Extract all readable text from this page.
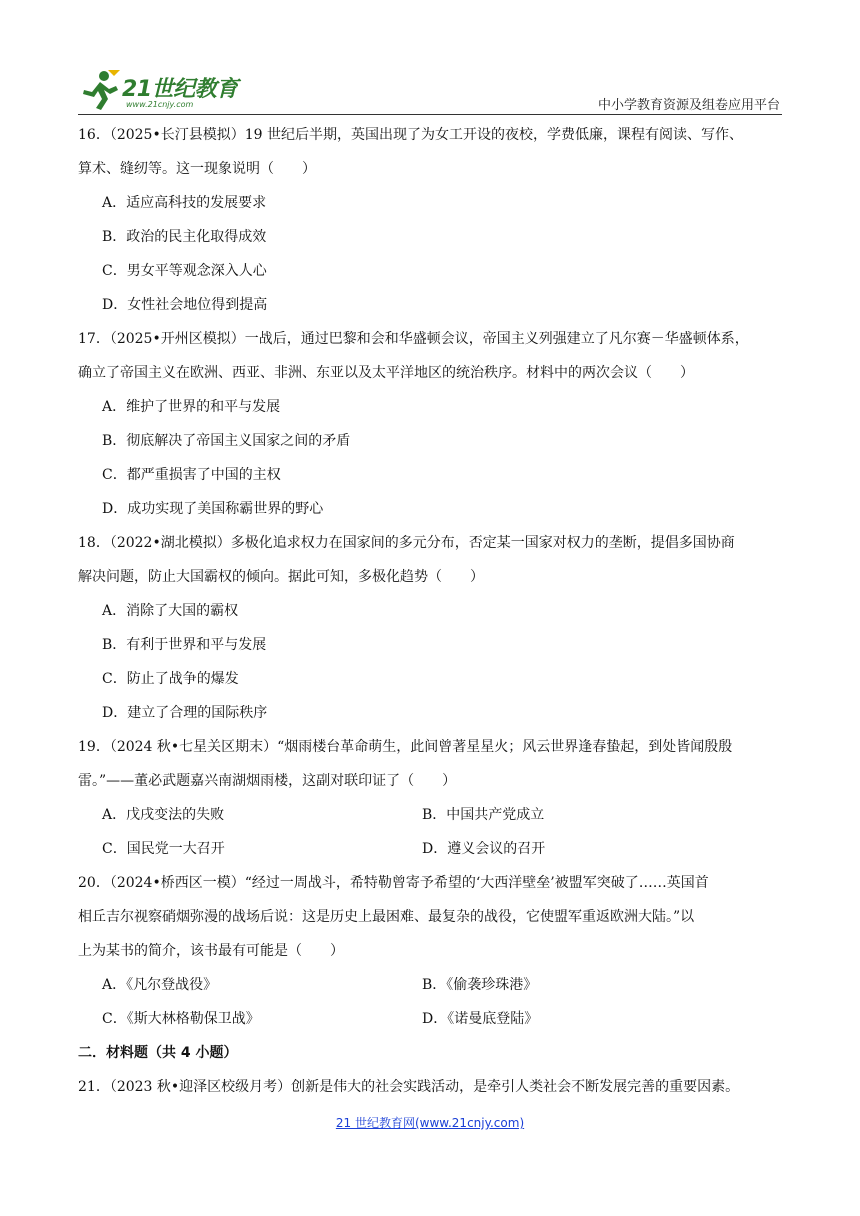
21世纪教育
www.21cnjy.com	中小学教育资源及组卷应用平台
16．（2025•长汀县模拟）19 世纪后半期，英国出现了为女工开设的夜校，学费低廉，课程有阅读、写作、
算术、缝纫等。这一现象说明（　　）
A．适应高科技的发展要求
B．政治的民主化取得成效
C．男女平等观念深入人心
D．女性社会地位得到提高
17．（2025•开州区模拟）一战后，通过巴黎和会和华盛顿会议，帝国主义列强建立了凡尔赛－华盛顿体系，
确立了帝国主义在欧洲、西亚、非洲、东亚以及太平洋地区的统治秩序。材料中的两次会议（　　）
A．维护了世界的和平与发展
B．彻底解决了帝国主义国家之间的矛盾
C．都严重损害了中国的主权
D．成功实现了美国称霸世界的野心
18．（2022•湖北模拟）多极化追求权力在国家间的多元分布，否定某一国家对权力的垄断，提倡多国协商
解决问题，防止大国霸权的倾向。据此可知，多极化趋势（　　）
A．消除了大国的霸权
B．有利于世界和平与发展
C．防止了战争的爆发
D．建立了合理的国际秩序
19．（2024 秋•七星关区期末）“烟雨楼台革命萌生，此间曾著星星火；风云世界逢春蛰起，到处皆闻殷殷
雷。”——董必武题嘉兴南湖烟雨楼，这副对联印证了（　　）
A．戊戌变法的失败	B．中国共产党成立
C．国民党一大召开	D．遵义会议的召开
20．（2024•桥西区一模）“经过一周战斗，希特勒曾寄予希望的‘大西洋壁垒’被盟军突破了……英国首
相丘吉尔视察硝烟弥漫的战场后说：这是历史上最困难、最复杂的战役，它使盟军重返欧洲大陆。”以
上为某书的简介，该书最有可能是（　　）
A．《凡尔登战役》	B．《偷袭珍珠港》
C．《斯大林格勒保卫战》	D．《诺曼底登陆》
二．材料题（共 4 小题）
21．（2023 秋•迎泽区校级月考）创新是伟大的社会实践活动，是牵引人类社会不断发展完善的重要因素。
21 世纪教育网(www.21cnjy.com)
